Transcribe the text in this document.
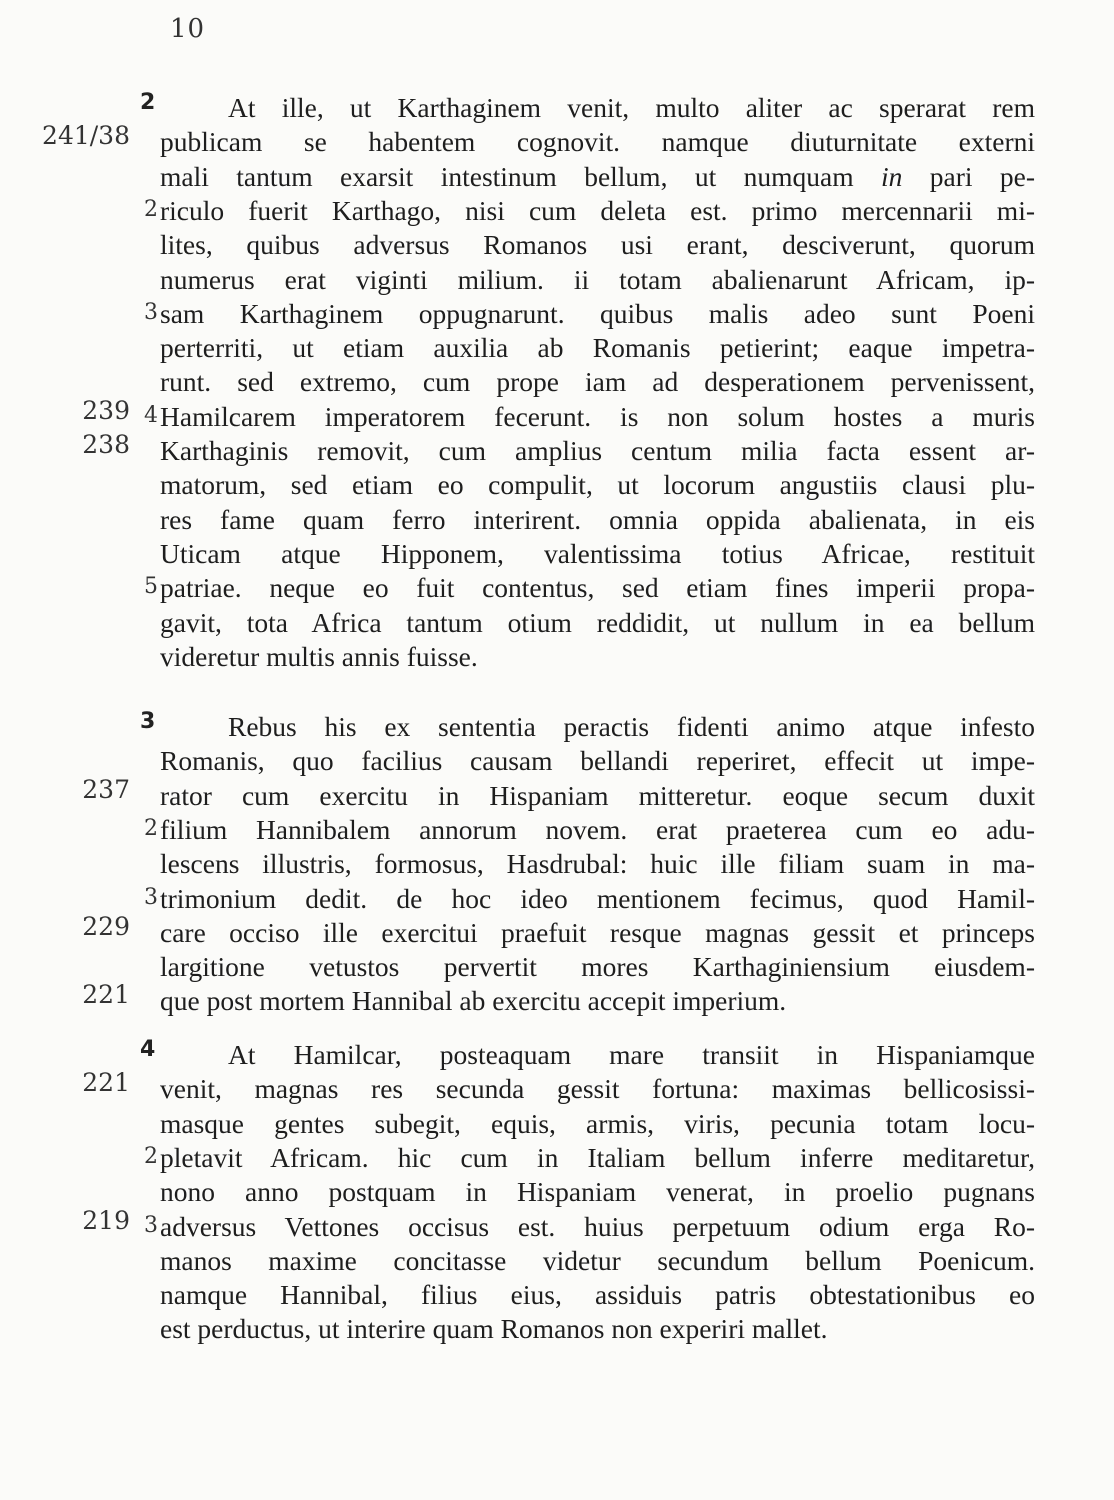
10
2	At ille, ut Karthaginem venit, multo aliter ac sperarat rem
publicam se habentem cognovit. namque diuturnitate externi
241/38
mali tantum exarsit intestinum bellum, ut numquam in pari pe-
riculo fuerit Karthago, nisi cum deleta est. primo mercennarii mi-
2
lites, quibus adversus Romanos usi erant, desciverunt, quorum
numerus erat viginti milium. ii totam abalienarunt Africam, ip-
sam Karthaginem oppugnarunt. quibus malis adeo sunt Poeni
3
perterriti, ut etiam auxilia ab Romanis petierint; eaque impetra-
runt. sed extremo, cum prope iam ad desperationem pervenissent,
Hamilcarem imperatorem fecerunt. is non solum hostes a muris
239 4
Karthaginis removit, cum amplius centum milia facta essent ar-
238
matorum, sed etiam eo compulit, ut locorum angustiis clausi plu-
res fame quam ferro interirent. omnia oppida abalienata, in eis
Uticam atque Hipponem, valentissima totius Africae, restituit
patriae. neque eo fuit contentus, sed etiam fines imperii propa-
5
gavit, tota Africa tantum otium reddidit, ut nullum in ea bellum
videretur multis annis fuisse.
3	Rebus his ex sententia peractis fidenti animo atque infesto
Romanis, quo facilius causam bellandi reperiret, effecit ut impe-
rator cum exercitu in Hispaniam mitteretur. eoque secum duxit
237
filium Hannibalem annorum novem. erat praeterea cum eo adu-
2
lescens illustris, formosus, Hasdrubal: huic ille filiam suam in ma-
trimonium dedit. de hoc ideo mentionem fecimus, quod Hamil-
3
care occiso ille exercitui praefuit resque magnas gessit et princeps
229
largitione vetustos pervertit mores Karthaginiensium eiusdem-
que post mortem Hannibal ab exercitu accepit imperium.
221
4	At Hamilcar, posteaquam mare transiit in Hispaniamque
venit, magnas res secunda gessit fortuna: maximas bellicosissi-
221
masque gentes subegit, equis, armis, viris, pecunia totam locu-
pletavit Africam. hic cum in Italiam bellum inferre meditaretur,
2
nono anno postquam in Hispaniam venerat, in proelio pugnans
adversus Vettones occisus est. huius perpetuum odium erga Ro-
219 3
manos maxime concitasse videtur secundum bellum Poenicum.
namque Hannibal, filius eius, assiduis patris obtestationibus eo
est perductus, ut interire quam Romanos non experiri mallet.
